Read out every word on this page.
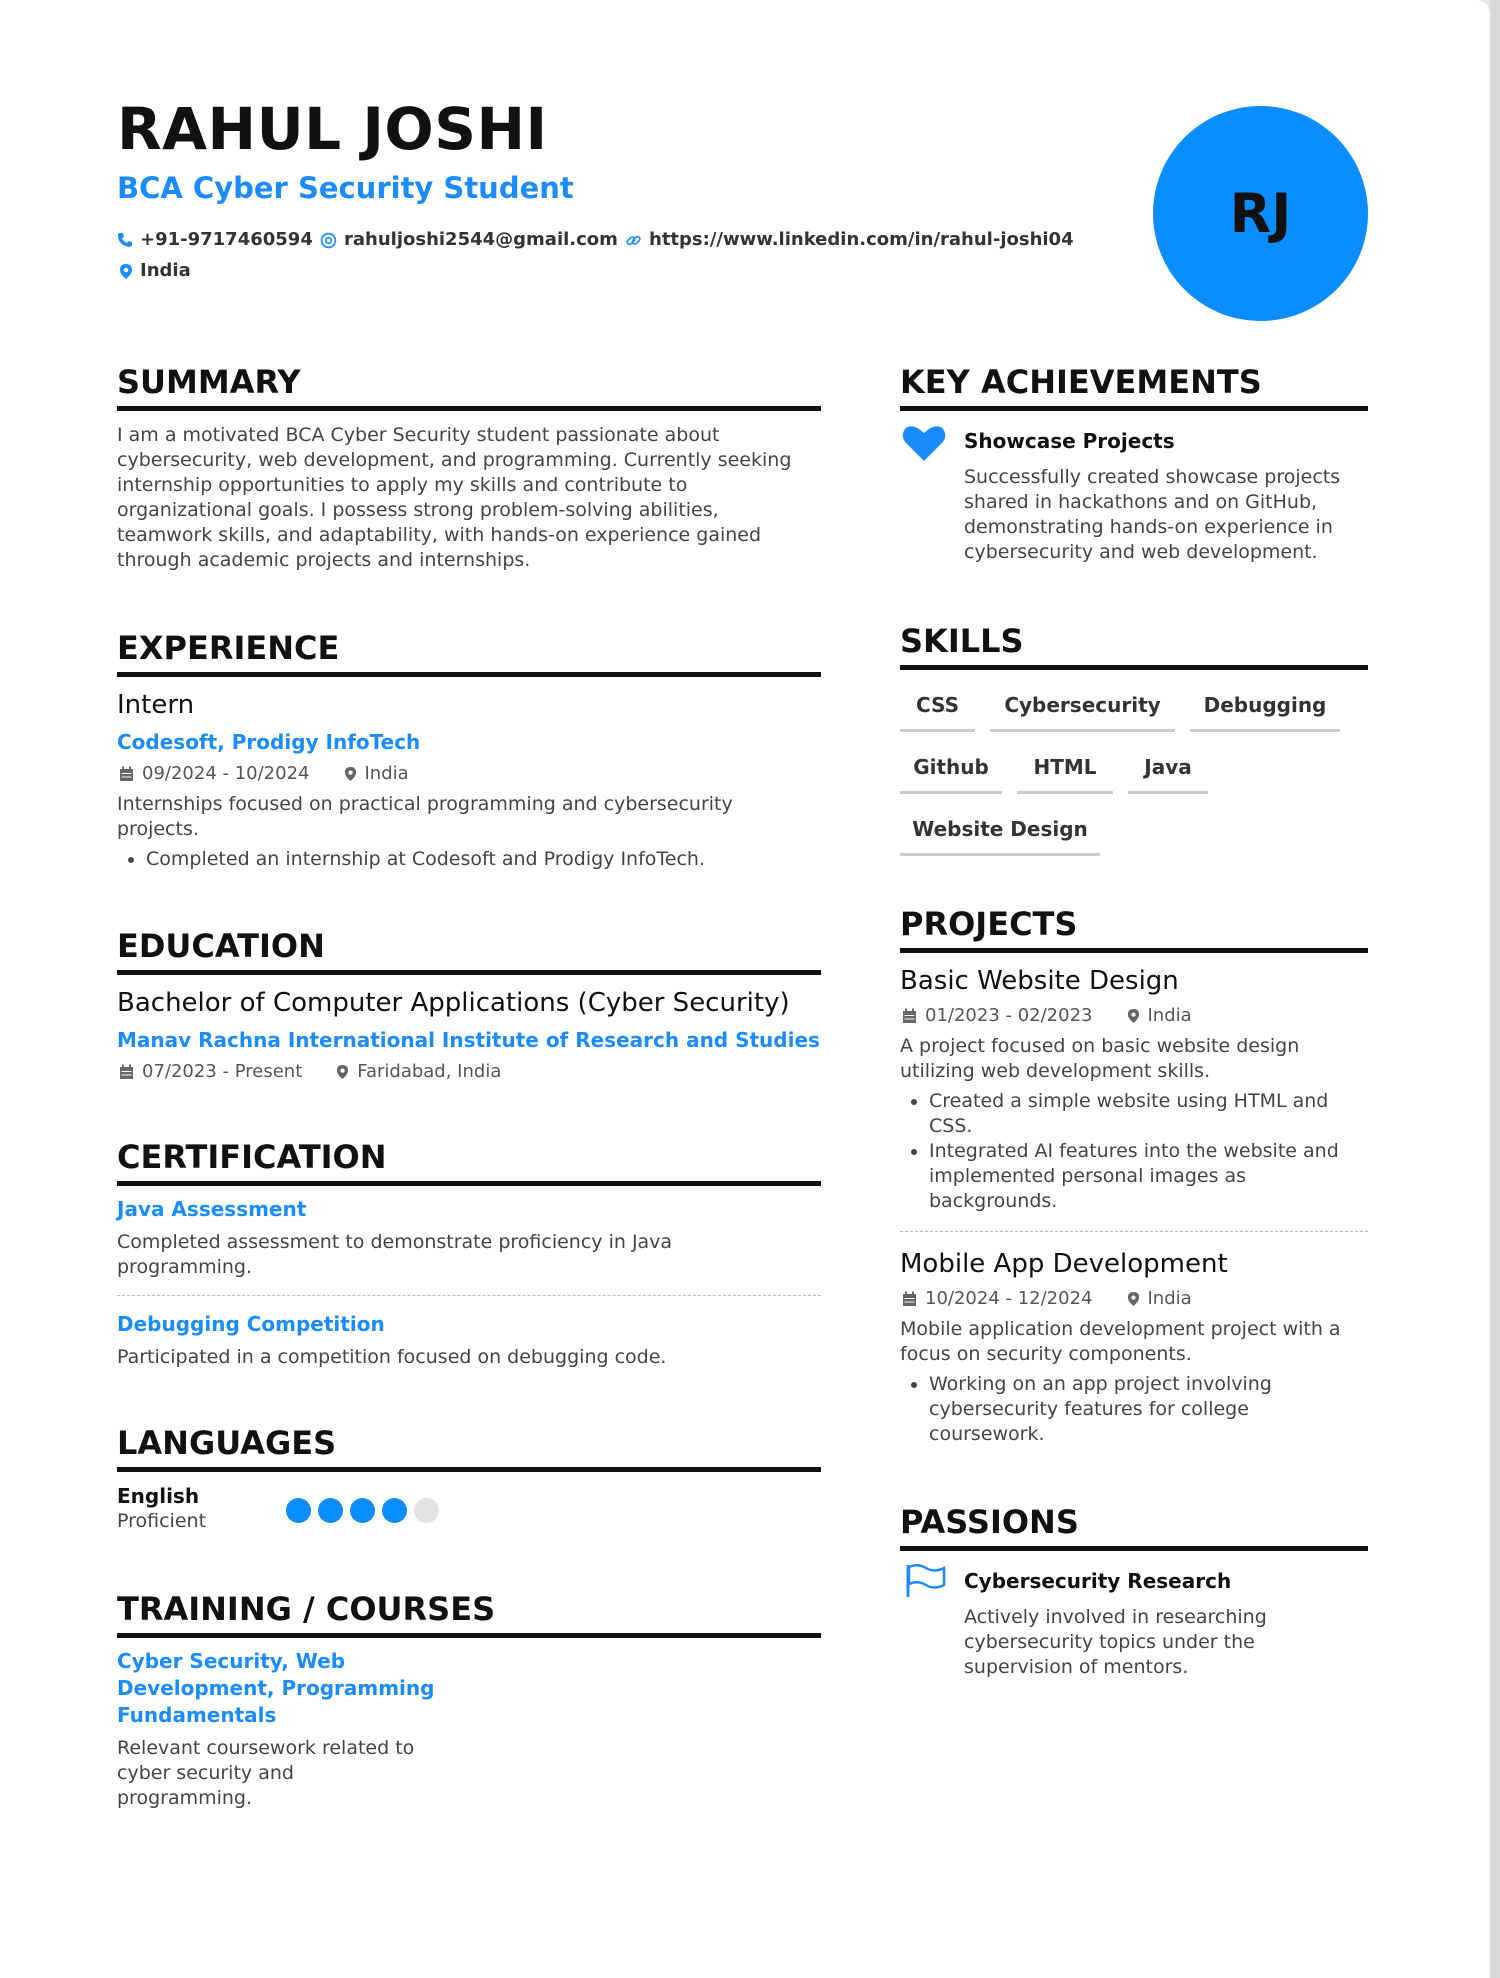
RAHUL JOSHI
BCA Cyber Security Student
+91-9717460594 rahuljoshi2544@gmail.com https://www.linkedin.com/in/rahul-joshi04
India
RJ
SUMMARY
I am a motivated BCA Cyber Security student passionate about
cybersecurity, web development, and programming. Currently seeking
internship opportunities to apply my skills and contribute to
organizational goals. I possess strong problem-solving abilities,
teamwork skills, and adaptability, with hands-on experience gained
through academic projects and internships.
EXPERIENCE
Intern
Codesoft, Prodigy InfoTech
09/2024 - 10/2024	India
Internships focused on practical programming and cybersecurity
projects.
• Completed an internship at Codesoft and Prodigy InfoTech.
EDUCATION
Bachelor of Computer Applications (Cyber Security)
Manav Rachna International Institute of Research and Studies
07/2023 - Present	Faridabad, India
CERTIFICATION
Java Assessment
Completed assessment to demonstrate proficiency in Java
programming.
Debugging Competition
Participated in a competition focused on debugging code.
LANGUAGES
English
Proficient
TRAINING / COURSES
Cyber Security, Web
Development, Programming
Fundamentals
Relevant coursework related to
cyber security and
programming.
KEY ACHIEVEMENTS
Showcase Projects
Successfully created showcase projects
shared in hackathons and on GitHub,
demonstrating hands-on experience in
cybersecurity and web development.
SKILLS
CSS	Cybersecurity	Debugging
Github	HTML	Java
Website Design
PROJECTS
Basic Website Design
01/2023 - 02/2023	India
A project focused on basic website design
utilizing web development skills.
• Created a simple website using HTML and
CSS.
• Integrated AI features into the website and
implemented personal images as
backgrounds.
Mobile App Development
10/2024 - 12/2024	India
Mobile application development project with a
focus on security components.
• Working on an app project involving
cybersecurity features for college
coursework.
PASSIONS
Cybersecurity Research
Actively involved in researching
cybersecurity topics under the
supervision of mentors.
